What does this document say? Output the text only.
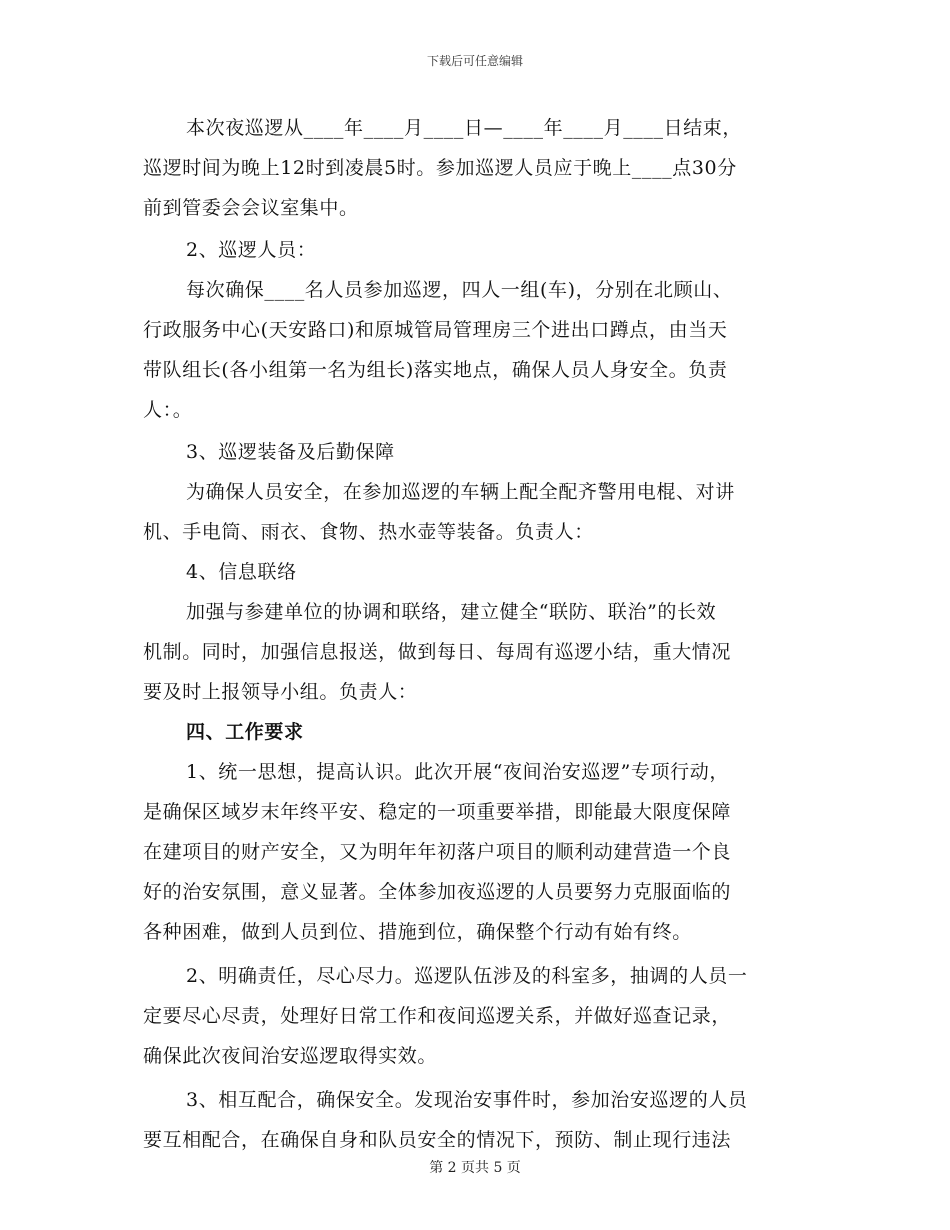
下载后可任意编辑
本次夜巡逻从____年____月____日—____年____月____日结束，
巡逻时间为晚上12时到凌晨5时。参加巡逻人员应于晚上____点30分
前到管委会会议室集中。
2、巡逻人员：
每次确保____名人员参加巡逻，四人一组(车)，分别在北顾山、
行政服务中心(天安路口)和原城管局管理房三个进出口蹲点，由当天
带队组长(各小组第一名为组长)落实地点，确保人员人身安全。负责
人：。
3、巡逻装备及后勤保障
为确保人员安全，在参加巡逻的车辆上配全配齐警用电棍、对讲
机、手电筒、雨衣、食物、热水壶等装备。负责人：
4、信息联络
加强与参建单位的协调和联络，建立健全“联防、联治”的长效
机制。同时，加强信息报送，做到每日、每周有巡逻小结，重大情况
要及时上报领导小组。负责人：
四、工作要求
1、统一思想，提高认识。此次开展“夜间治安巡逻”专项行动，
是确保区域岁末年终平安、稳定的一项重要举措，即能最大限度保障
在建项目的财产安全，又为明年年初落户项目的顺利动建营造一个良
好的治安氛围，意义显著。全体参加夜巡逻的人员要努力克服面临的
各种困难，做到人员到位、措施到位，确保整个行动有始有终。
2、明确责任，尽心尽力。巡逻队伍涉及的科室多，抽调的人员一
定要尽心尽责，处理好日常工作和夜间巡逻关系，并做好巡查记录，
确保此次夜间治安巡逻取得实效。
3、相互配合，确保安全。发现治安事件时，参加治安巡逻的人员
要互相配合，在确保自身和队员安全的情况下，预防、制止现行违法
第 2 页共 5 页
